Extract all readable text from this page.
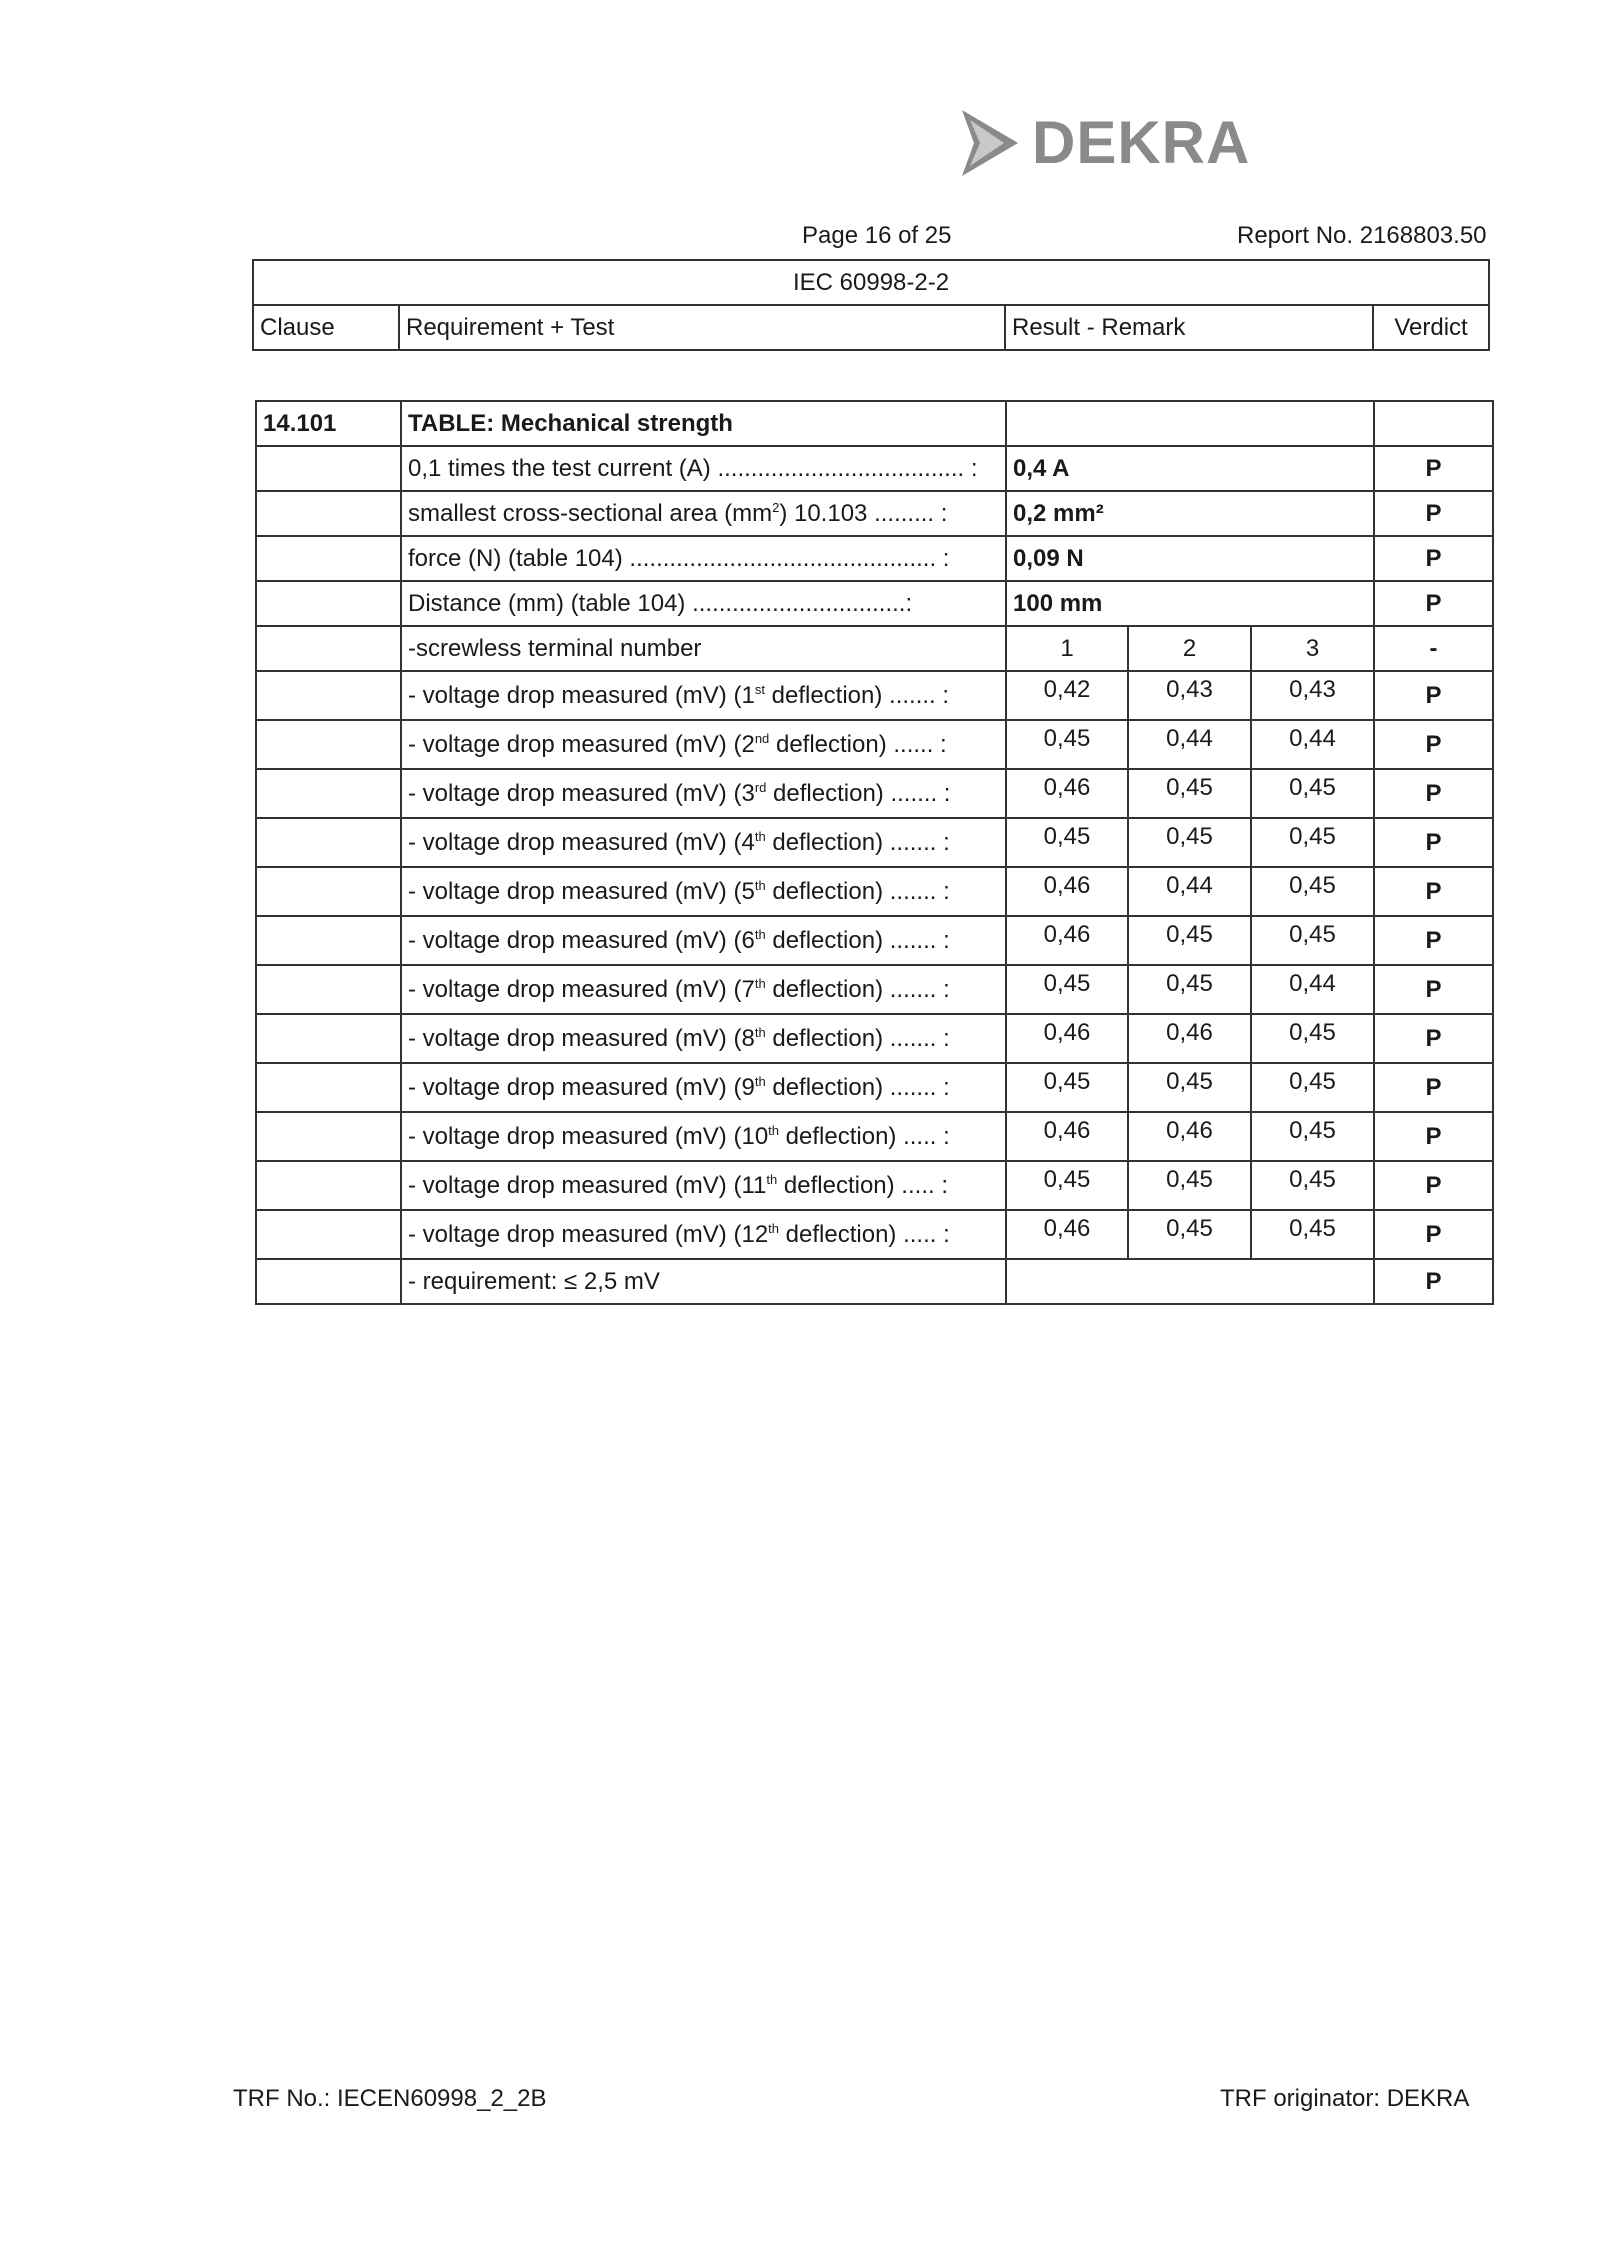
DEKRA
Page 16 of 25	Report No. 2168803.50
IEC 60998-2-2
Clause	Requirement + Test	Result - Remark	Verdict
14.101	TABLE: Mechanical strength				
	0,1 times the test current (A) ..................................... :	0,4 A			P
	smallest cross-sectional area $(mm^2)$ 10.103 ......... :	0,2 mm²			P
	force (N) (table 104) .............................................. :	0,09 N			P
	Distance (mm) (table 104) ................................:	100 mm			P
	-screwless terminal number	1	2	3	-
	- voltage drop measured (mV) (1st deflection) ....... :	0,42	0,43	0,43	P
	- voltage drop measured (mV) (2nd deflection) ...... :	0,45	0,44	0,44	P
	- voltage drop measured (mV) (3rd deflection) ....... :	0,46	0,45	0,45	P
	- voltage drop measured (mV) (4th deflection) ....... :	0,45	0,45	0,45	P
	- voltage drop measured (mV) (5th deflection) ....... :	0,46	0,44	0,45	P
	- voltage drop measured (mV) (6th deflection) ....... :	0,46	0,45	0,45	P
	- voltage drop measured (mV) (7th deflection) ....... :	0,45	0,45	0,44	P
	- voltage drop measured (mV) (8th deflection) ....... :	0,46	0,46	0,45	P
	- voltage drop measured (mV) (9th deflection) ....... :	0,45	0,45	0,45	P
	- voltage drop measured (mV) (10th deflection) ..... :	0,46	0,46	0,45	P
	- voltage drop measured (mV) (11th deflection) ..... :	0,45	0,45	0,45	P
	- voltage drop measured (mV) (12th deflection) ..... :	0,46	0,45	0,45	P
	- requirement: ≤ 2,5 mV				P
TRF No.: IECEN60998_2_2B	TRF originator: DEKRA
